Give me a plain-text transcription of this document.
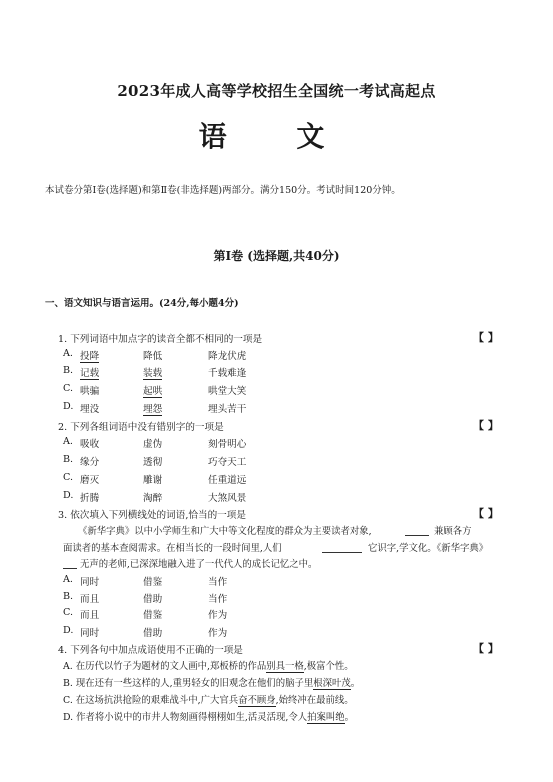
2023年成人高等学校招生全国统一考试高起点
语 文
本试卷分第Ⅰ卷(选择题)和第Ⅱ卷(非选择题)两部分。满分150分。考试时间120分钟。
第Ⅰ卷 (选择题,共40分)
一、语文知识与语言运用。(24分,每小题4分)
1. 下列词语中加点字的读音全都不相同的一项是	【 】
A. 投降	降低	降龙伏虎
B. 记载	装载	千载难逢
C. 哄骗	起哄	哄堂大笑
D. 埋没	埋怨	埋头苦干
2. 下列各组词语中没有错别字的一项是	【 】
A. 吸收	虚伪	刻骨明心
B. 缘分	透彻	巧夺天工
C. 磨灭	雕谢	任重道远
D. 折腾	淘醉	大煞风景
3. 依次填入下列横线处的词语,恰当的一项是	【 】
《新华字典》以中小学师生和广大中等文化程度的群众为主要读者对象,	兼顾各方
面读者的基本查阅需求。在相当长的一段时间里,人们	它识字,学文化。《新华字典》
无声的老师,已深深地融入进了一代代人的成长记忆之中。
A. 同时	借鉴	当作
B. 而且	借助	当作
C. 而且	借鉴	作为
D. 同时	借助	作为
4. 下列各句中加点成语使用不正确的一项是	【 】
A. 在历代以竹子为题材的文人画中,郑板桥的作品别具一格,极富个性。
B. 现在还有一些这样的人,重男轻女的旧观念在他们的脑子里根深叶茂。
C. 在这场抗洪抢险的艰难战斗中,广大官兵奋不顾身,始终冲在最前线。
D. 作者将小说中的市井人物刻画得栩栩如生,活灵活现,令人拍案叫绝。
